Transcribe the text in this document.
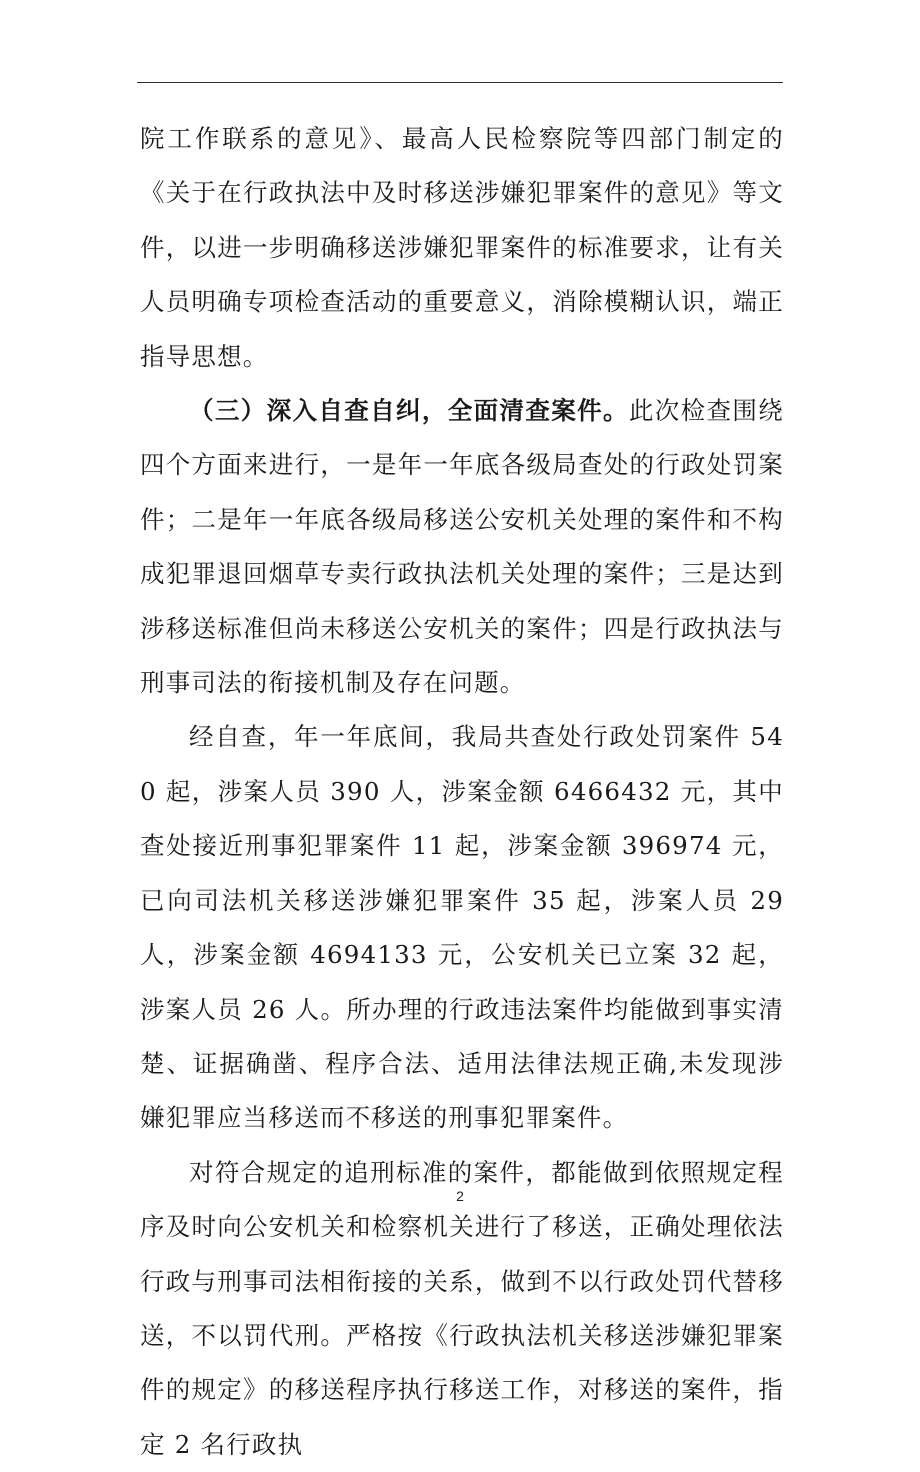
院工作联系的意见》、最高人民检察院等四部门制定的《关于在行政执法中及时移送涉嫌犯罪案件的意见》等文件，以进一步明确移送涉嫌犯罪案件的标准要求，让有关人员明确专项检查活动的重要意义，消除模糊认识，端正指导思想。

（三）深入自查自纠，全面清查案件。此次检查围绕四个方面来进行，一是年一年底各级局查处的行政处罚案件；二是年一年底各级局移送公安机关处理的案件和不构成犯罪退回烟草专卖行政执法机关处理的案件；三是达到涉移送标准但尚未移送公安机关的案件；四是行政执法与刑事司法的衔接机制及存在问题。

经自查，年一年底间，我局共查处行政处罚案件 540 起，涉案人员 390 人，涉案金额 6466432 元，其中查处接近刑事犯罪案件 11 起，涉案金额 396974 元，已向司法机关移送涉嫌犯罪案件 35 起，涉案人员 29 人，涉案金额 4694133 元，公安机关已立案 32 起，涉案人员 26 人。所办理的行政违法案件均能做到事实清楚、证据确凿、程序合法、适用法律法规正确,未发现涉嫌犯罪应当移送而不移送的刑事犯罪案件。

对符合规定的追刑标准的案件，都能做到依照规定程序及时向公安机关和检察机关进行了移送，正确处理依法行政与刑事司法相衔接的关系，做到不以行政处罚代替移送，不以罚代刑。严格按《行政执法机关移送涉嫌犯罪案件的规定》的移送程序执行移送工作，对移送的案件，指定 2 名行政执

2
